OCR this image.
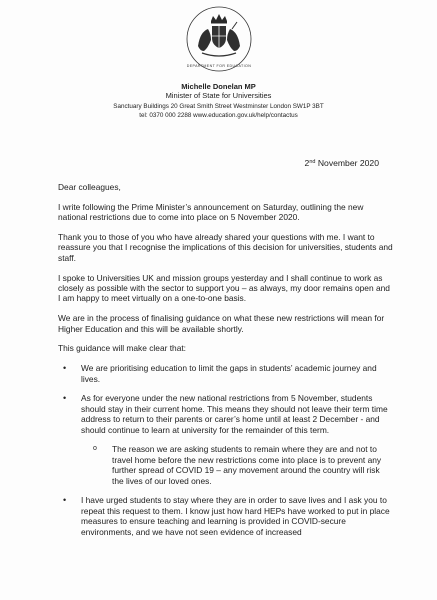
DEPARTMENT FOR EDUCATION
Michelle Donelan MP
Minister of State for Universities
Sanctuary Buildings 20 Great Smith Street Westminster London SW1P 3BT
tel: 0370 000 2288 www.education.gov.uk/help/contactus
2nd November 2020

Dear colleagues,

I write following the Prime Minister’s announcement on Saturday, outlining the new national restrictions due to come into place on 5 November 2020.

Thank you to those of you who have already shared your questions with me. I want to reassure you that I recognise the implications of this decision for universities, students and staff.

I spoke to Universities UK and mission groups yesterday and I shall continue to work as closely as possible with the sector to support you – as always, my door remains open and I am happy to meet virtually on a one-to-one basis.

We are in the process of finalising guidance on what these new restrictions will mean for Higher Education and this will be available shortly.

This guidance will make clear that:

• We are prioritising education to limit the gaps in students’ academic journey and lives.
• As for everyone under the new national restrictions from 5 November, students should stay in their current home. This means they should not leave their term time address to return to their parents or carer’s home until at least 2 December - and should continue to learn at university for the remainder of this term.
o The reason we are asking students to remain where they are and not to travel home before the new restrictions come into place is to prevent any further spread of COVID 19 – any movement around the country will risk the lives of our loved ones.
• I have urged students to stay where they are in order to save lives and I ask you to repeat this request to them. I know just how hard HEPs have worked to put in place measures to ensure teaching and learning is provided in COVID-secure environments, and we have not seen evidence of increased
